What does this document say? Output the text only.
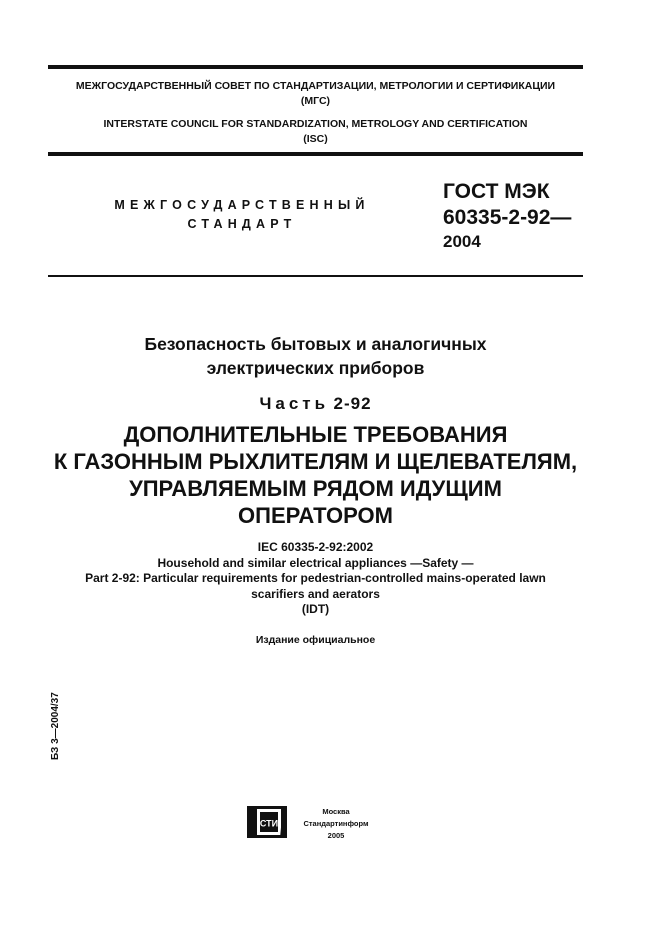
МЕЖГОСУДАРСТВЕННЫЙ СОВЕТ ПО СТАНДАРТИЗАЦИИ, МЕТРОЛОГИИ И СЕРТИФИКАЦИИ
(МГС)
INTERSTATE COUNCIL FOR STANDARDIZATION, METROLOGY AND CERTIFICATION
(ISC)
МЕЖГОСУДАРСТВЕННЫЙ
СТАНДАРТ
ГОСТ МЭК
60335-2-92—
2004
Безопасность бытовых и аналогичных
электрических приборов
Часть 2-92
ДОПОЛНИТЕЛЬНЫЕ ТРЕБОВАНИЯ
К ГАЗОННЫМ РЫХЛИТЕЛЯМ И ЩЕЛЕВАТЕЛЯМ,
УПРАВЛЯЕМЫМ РЯДОМ ИДУЩИМ
ОПЕРАТОРОМ
IEC 60335-2-92:2002
Household and similar electrical appliances —Safety —
Part 2-92: Particular requirements for pedestrian-controlled mains-operated lawn
scarifiers and aerators
(IDT)
Издание официальное
БЗ 3—2004/37
СТИ
Москва
Стандартинформ
2005
